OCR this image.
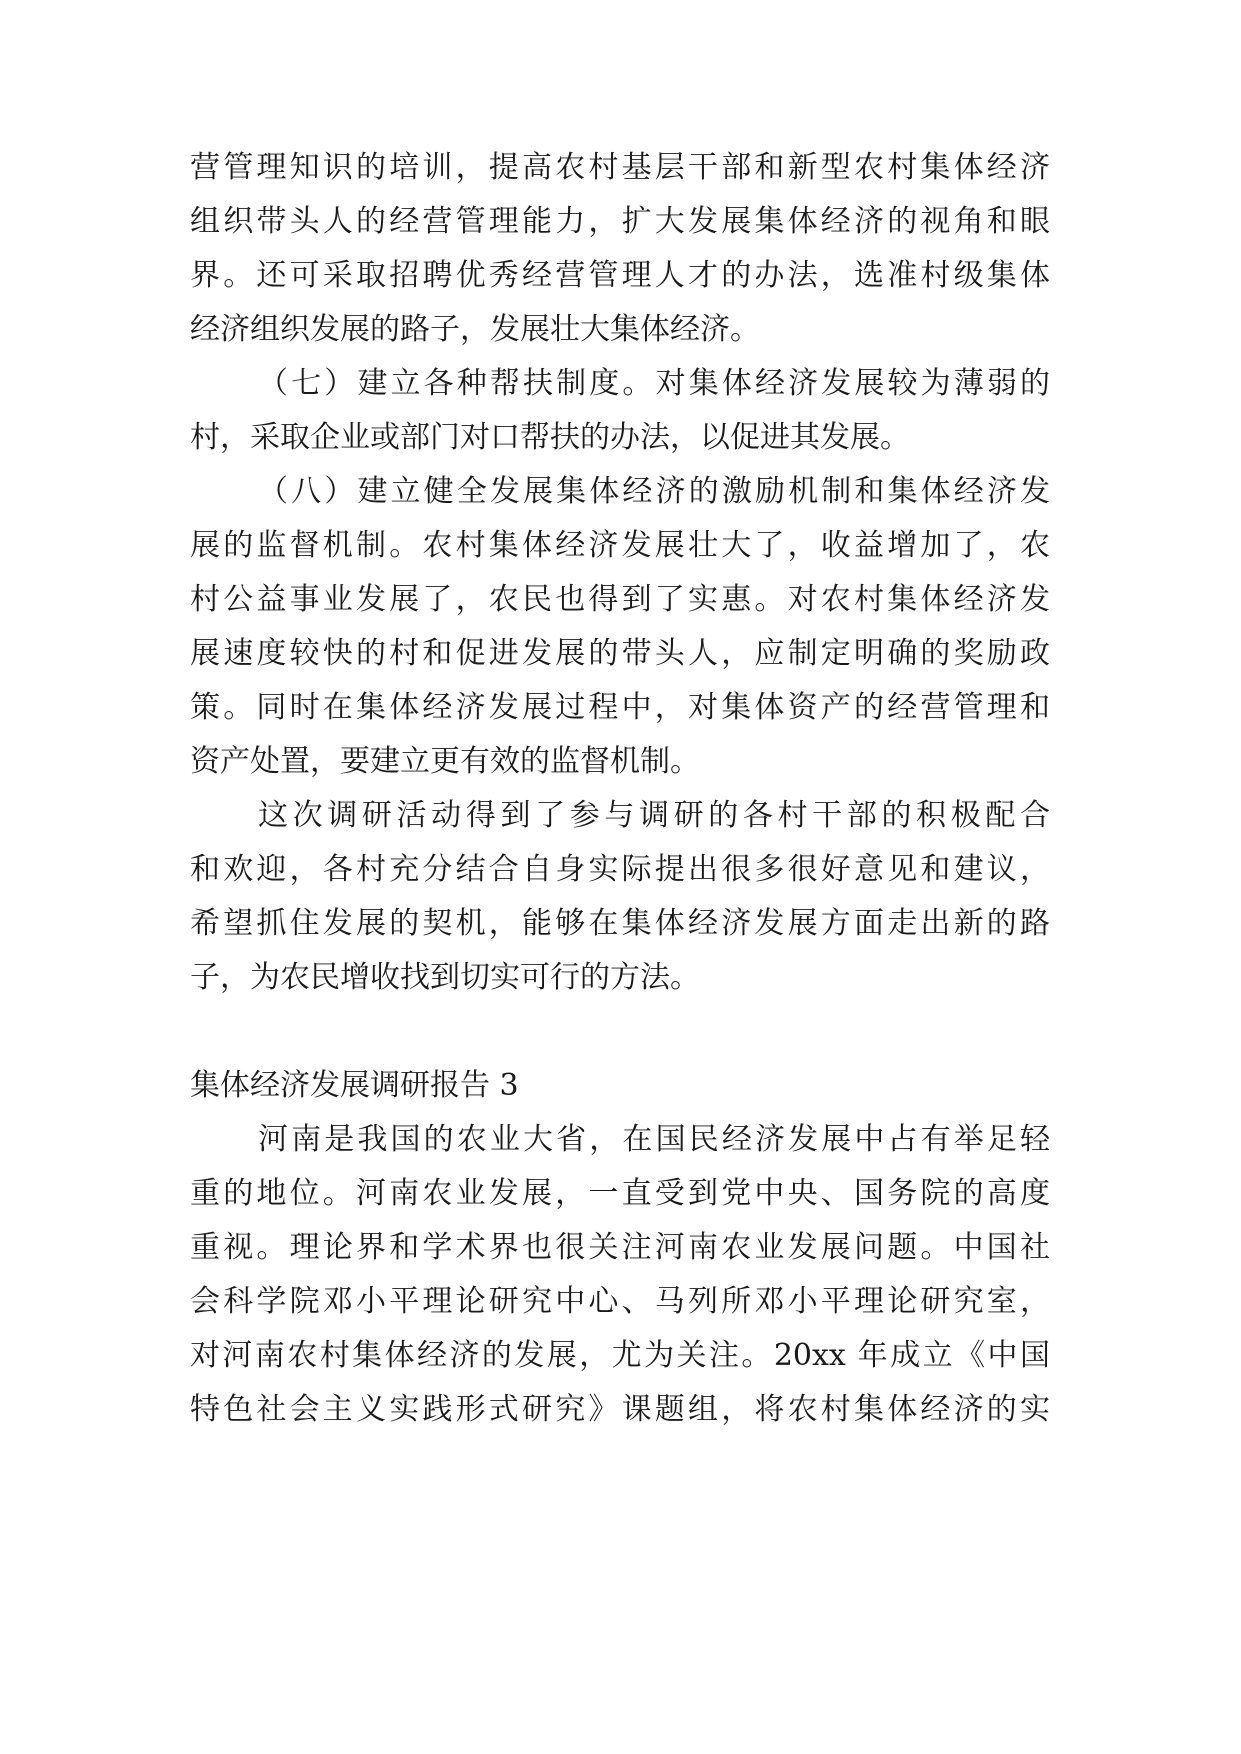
营管理知识的培训，提高农村基层干部和新型农村集体经济
组织带头人的经营管理能力，扩大发展集体经济的视角和眼
界。还可采取招聘优秀经营管理人才的办法，选准村级集体
经济组织发展的路子，发展壮大集体经济。
（七）建立各种帮扶制度。对集体经济发展较为薄弱的
村，采取企业或部门对口帮扶的办法，以促进其发展。
（八）建立健全发展集体经济的激励机制和集体经济发
展的监督机制。农村集体经济发展壮大了，收益增加了，农
村公益事业发展了，农民也得到了实惠。对农村集体经济发
展速度较快的村和促进发展的带头人，应制定明确的奖励政
策。同时在集体经济发展过程中，对集体资产的经营管理和
资产处置，要建立更有效的监督机制。
这次调研活动得到了参与调研的各村干部的积极配合
和欢迎，各村充分结合自身实际提出很多很好意见和建议，
希望抓住发展的契机，能够在集体经济发展方面走出新的路
子，为农民增收找到切实可行的方法。
集体经济发展调研报告 3
河南是我国的农业大省，在国民经济发展中占有举足轻
重的地位。河南农业发展，一直受到党中央、国务院的高度
重视。理论界和学术界也很关注河南农业发展问题。中国社
会科学院邓小平理论研究中心、马列所邓小平理论研究室，
对河南农村集体经济的发展，尤为关注。20xx 年成立《中国
特色社会主义实践形式研究》课题组，将农村集体经济的实
